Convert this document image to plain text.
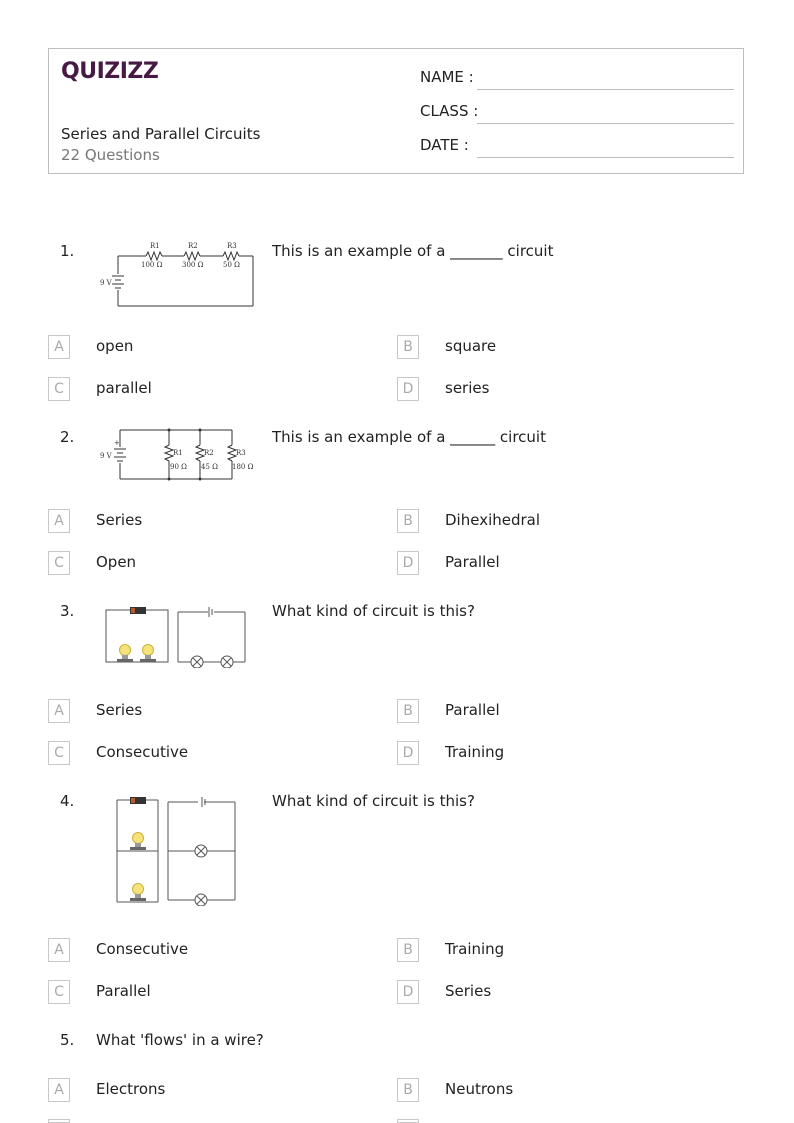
QUIZIZZ
Series and Parallel Circuits
22 Questions
NAME :
CLASS :
DATE :
1.	This is an example of a _______ circuit
9 V
R1	R2	R3
100 Ω	300 Ω	50 Ω
A	open	B	square
C	parallel	D	series
2.	This is an example of a ______ circuit
+
9 V	R1	R2	R3
90 Ω 45 Ω 180 Ω
A	Series	B	Dihexihedral
C	Open	D	Parallel
3.	What kind of circuit is this?
A	Series	B	Parallel
C	Consecutive	D	Training
4.	What kind of circuit is this?
A	Consecutive	B	Training
C	Parallel	D	Series
5. What 'flows' in a wire?
A	Electrons	B	Neutrons
